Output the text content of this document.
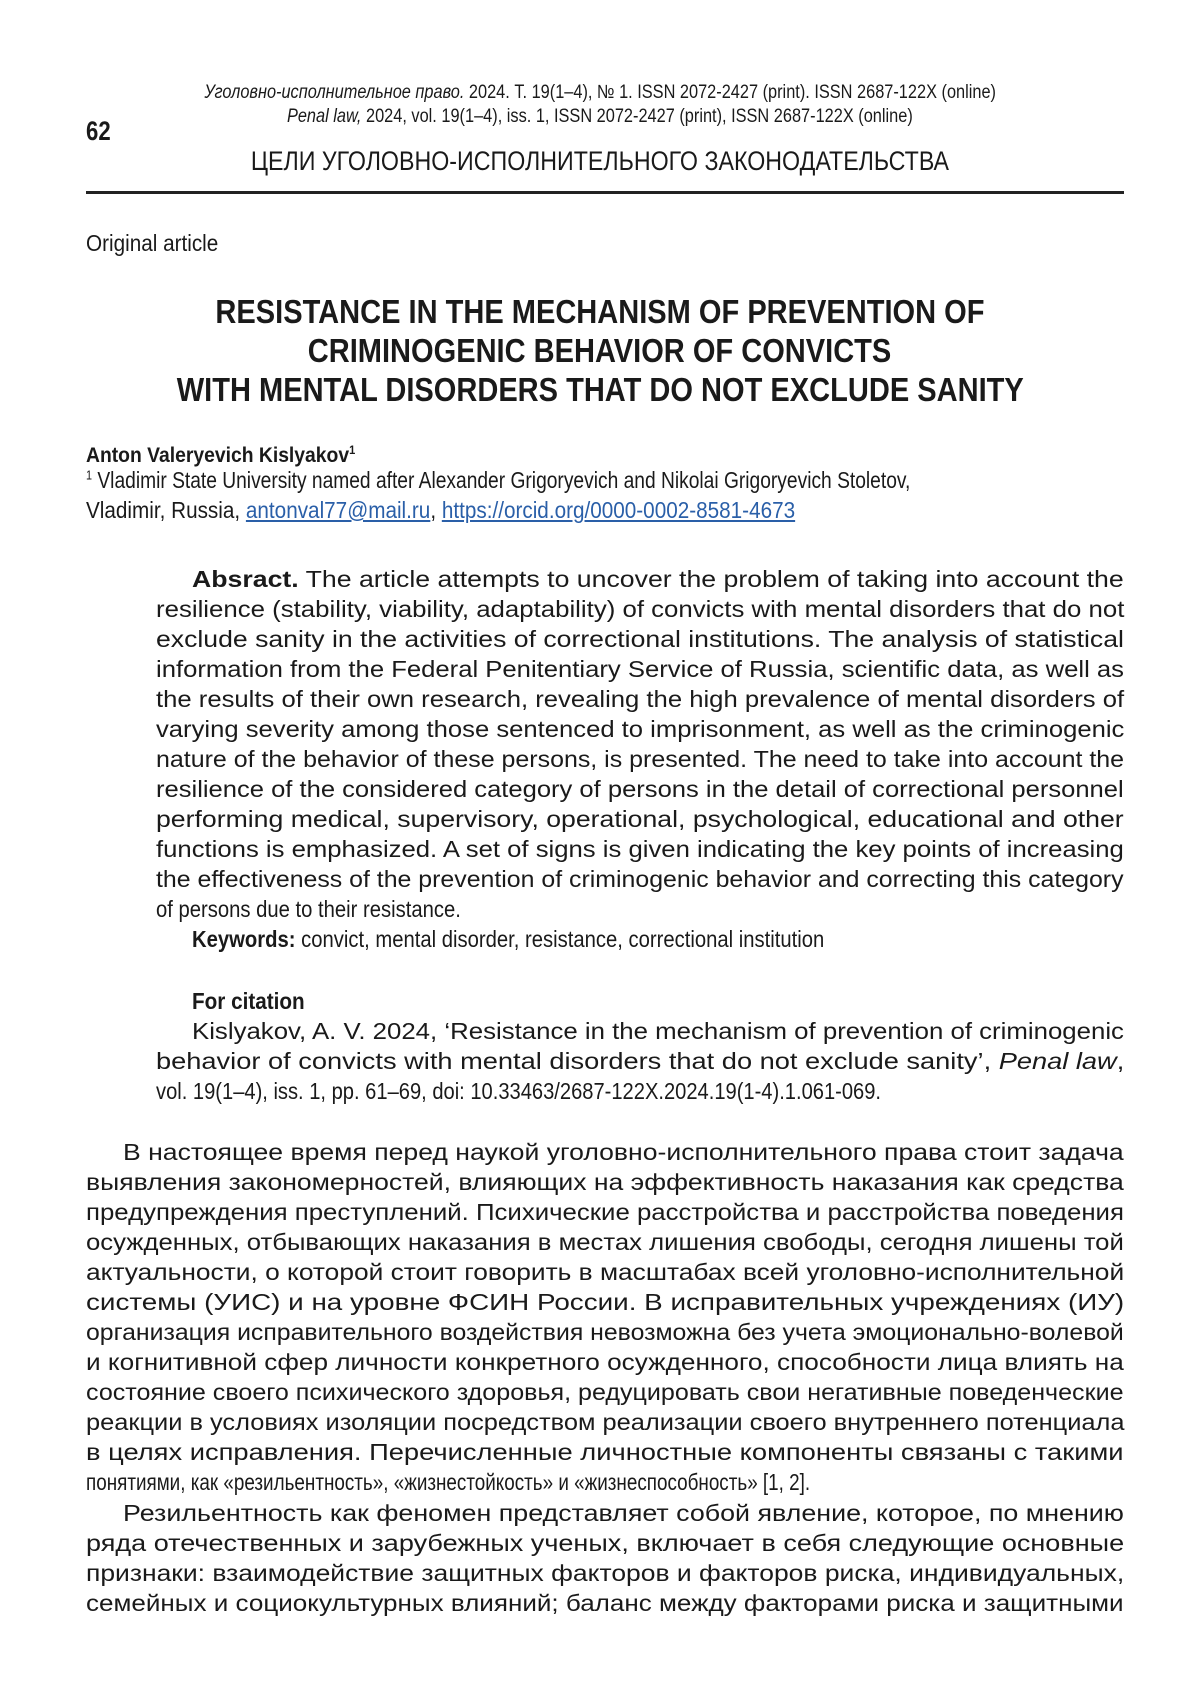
Уголовно-исполнительное право. 2024. Т. 19(1–4), № 1. ISSN 2072-2427 (print). ISSN 2687-122X (online)
Penal law, 2024, vol. 19(1–4), iss. 1, ISSN 2072-2427 (print), ISSN 2687-122X (online)
62
ЦЕЛИ УГОЛОВНО-ИСПОЛНИТЕЛЬНОГО ЗАКОНОДАТЕЛЬСТВА
Original article
RESISTANCE IN THE MECHANISM OF PREVENTION OF
CRIMINOGENIC BEHAVIOR OF CONVICTS
WITH MENTAL DISORDERS THAT DO NOT EXCLUDE SANITY
Anton Valeryevich Kislyakov$^1$
$^1$ Vladimir State University named after Alexander Grigoryevich and Nikolai Grigoryevich Stoletov,
Vladimir, Russia, antonval77@mail.ru, https://orcid.org/0000-0002-8581-4673
Absract. The article attempts to uncover the problem of taking into account the
resilience (stability, viability, adaptability) of convicts with mental disorders that do not
exclude sanity in the activities of correctional institutions. The analysis of statistical
information from the Federal Penitentiary Service of Russia, scientific data, as well as
the results of their own research, revealing the high prevalence of mental disorders of
varying severity among those sentenced to imprisonment, as well as the criminogenic
nature of the behavior of these persons, is presented. The need to take into account the
resilience of the considered category of persons in the detail of correctional personnel
performing medical, supervisory, operational, psychological, educational and other
functions is emphasized. A set of signs is given indicating the key points of increasing
the effectiveness of the prevention of criminogenic behavior and correcting this category
of persons due to their resistance.
Keywords: convict, mental disorder, resistance, correctional institution
For citation
Kislyakov, A. V. 2024, ‘Resistance in the mechanism of prevention of criminogenic
behavior of convicts with mental disorders that do not exclude sanity’, Penal law,
vol. 19(1–4), iss. 1, pp. 61–69, doi: 10.33463/2687-122X.2024.19(1-4).1.061-069.
В настоящее время перед наукой уголовно-исполнительного права стоит задача
выявления закономерностей, влияющих на эффективность наказания как средства
предупреждения преступлений. Психические расстройства и расстройства поведения
осужденных, отбывающих наказания в местах лишения свободы, сегодня лишены той
актуальности, о которой стоит говорить в масштабах всей уголовно-исполнительной
системы (УИС) и на уровне ФСИН России. В исправительных учреждениях (ИУ)
организация исправительного воздействия невозможна без учета эмоционально-волевой
и когнитивной сфер личности конкретного осужденного, способности лица влиять на
состояние своего психического здоровья, редуцировать свои негативные поведенческие
реакции в условиях изоляции посредством реализации своего внутреннего потенциала
в целях исправления. Перечисленные личностные компоненты связаны с такими
понятиями, как «резильентность», «жизнестойкость» и «жизнеспособность» [1, 2].
Резильентность как феномен представляет собой явление, которое, по мнению
ряда отечественных и зарубежных ученых, включает в себя следующие основные
признаки: взаимодействие защитных факторов и факторов риска, индивидуальных,
семейных и социокультурных влияний; баланс между факторами риска и защитными
